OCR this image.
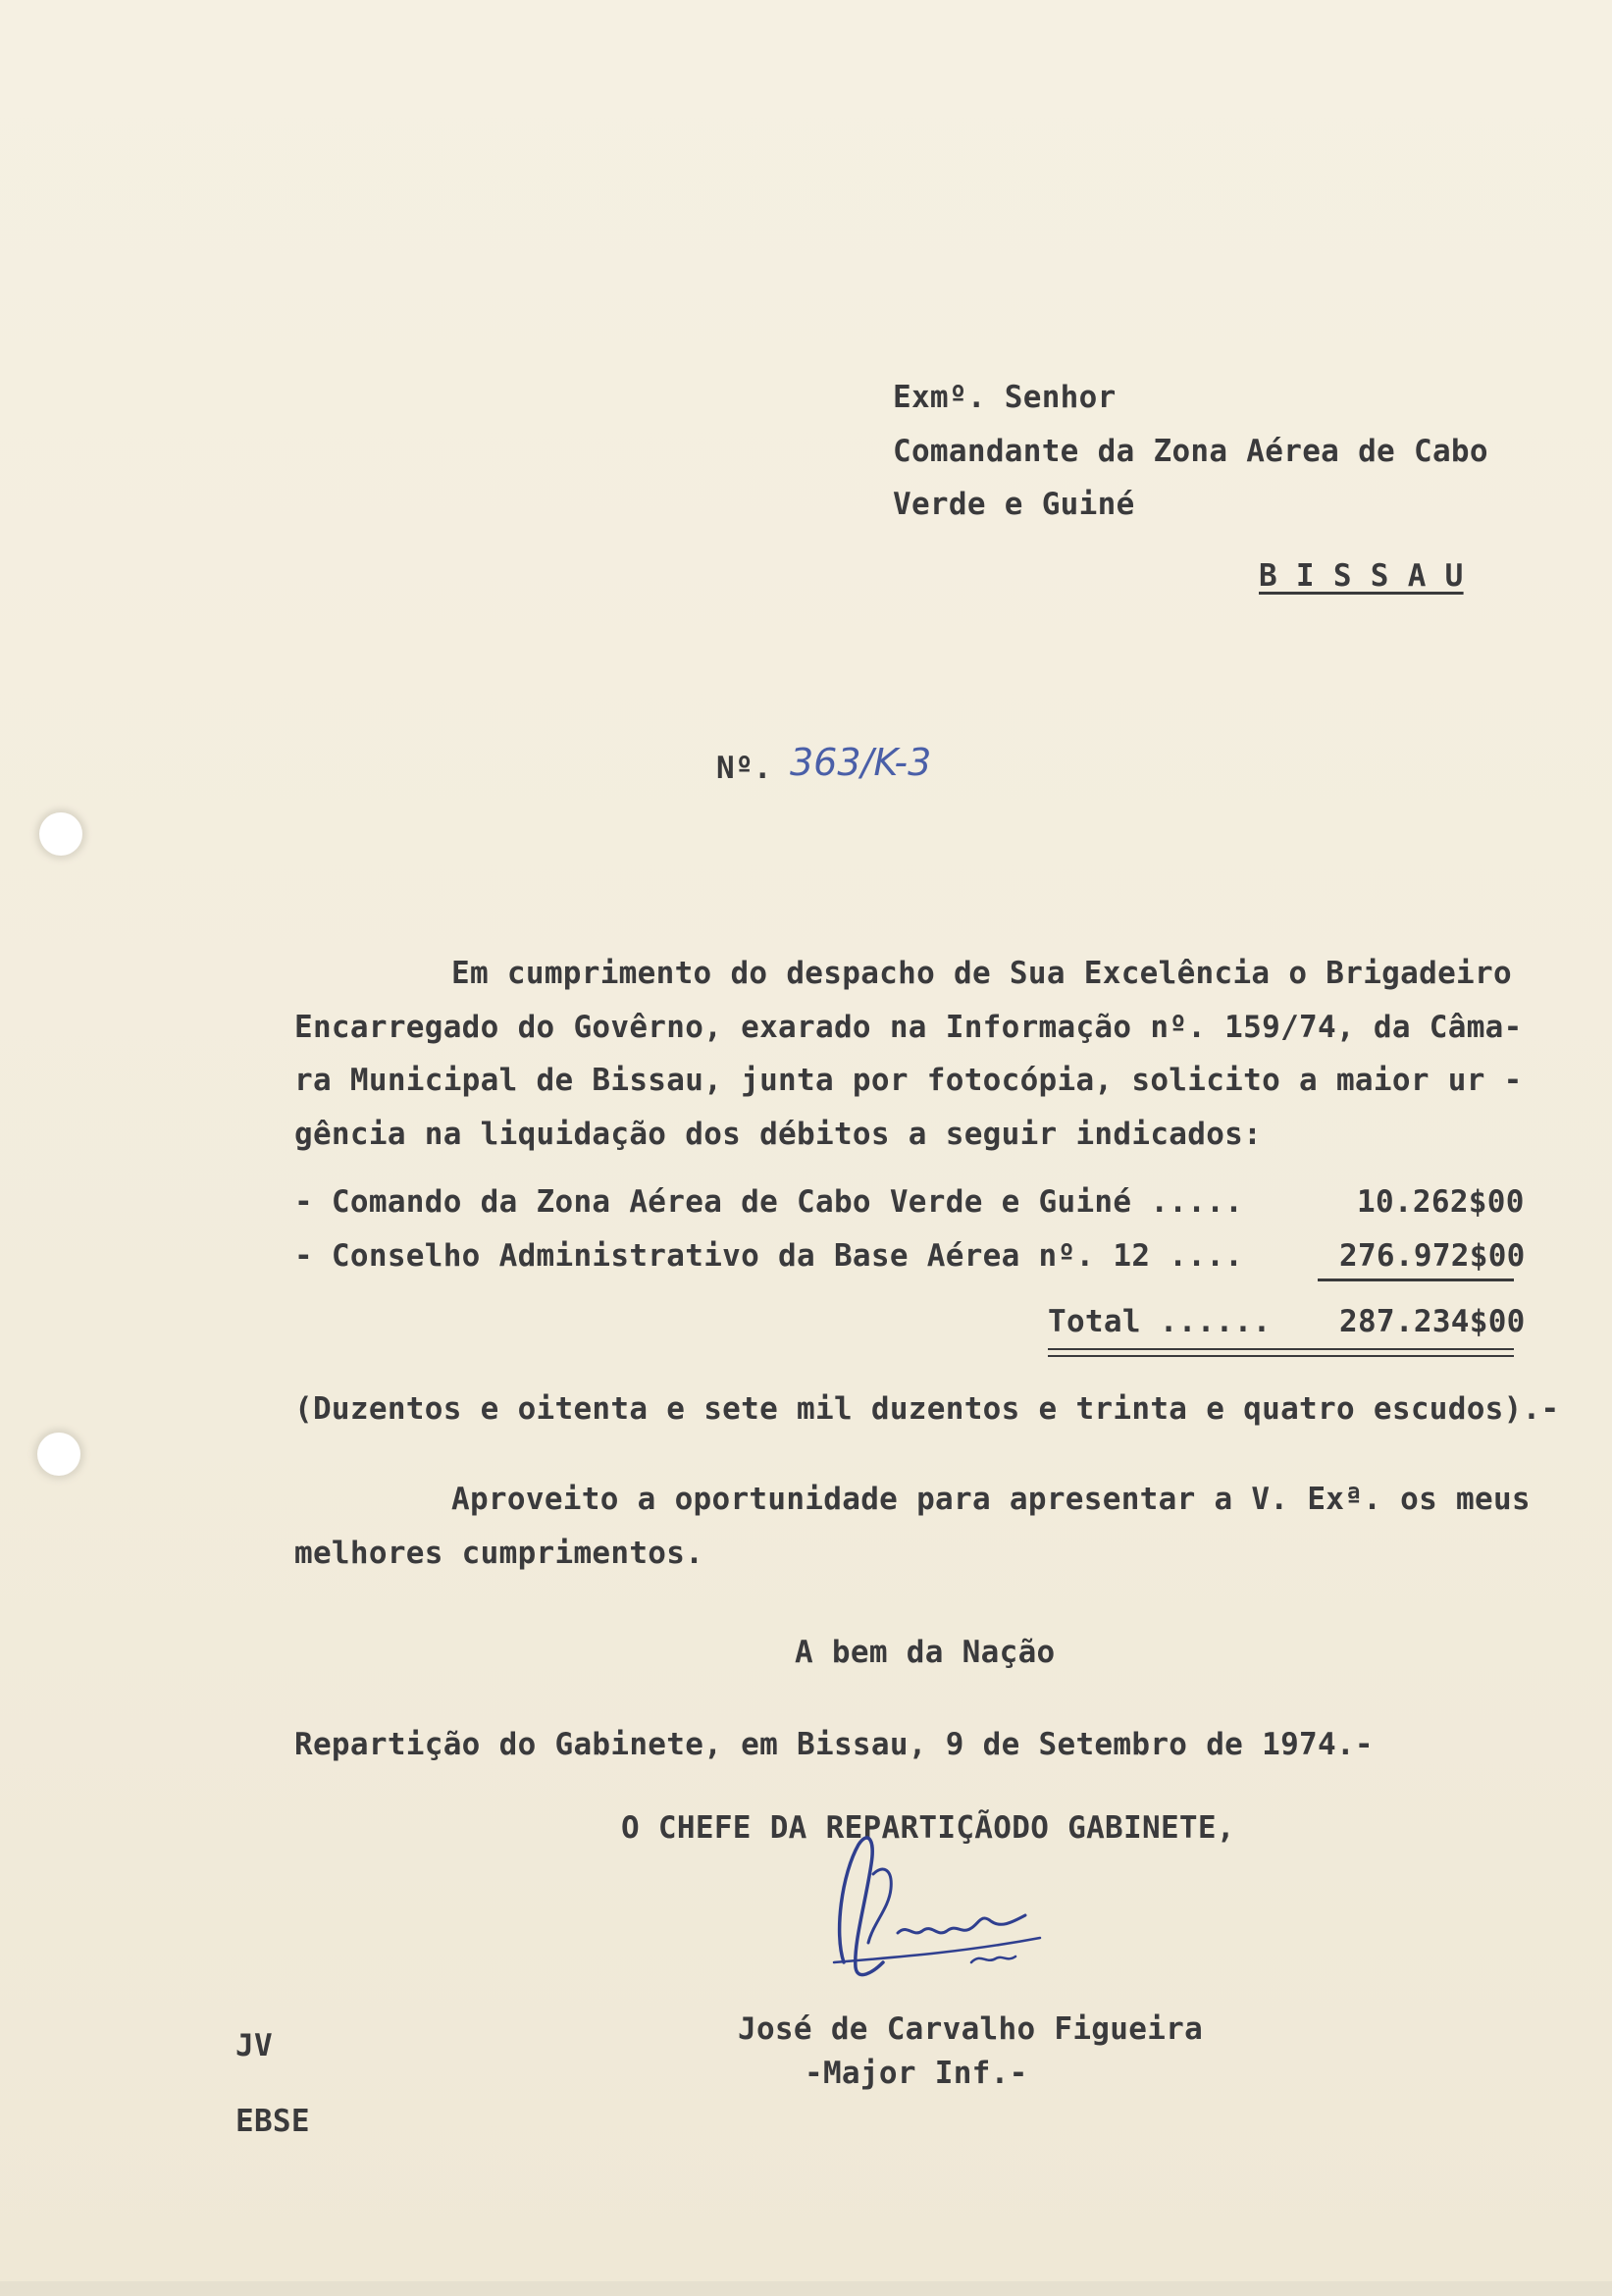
Exmº. Senhor
Comandante da Zona Aérea de Cabo
Verde e Guiné
B I S S A U
Nº. 363/K-3
Em cumprimento do despacho de Sua Excelência o Brigadeiro
Encarregado do Govêrno, exarado na Informação nº. 159/74, da Câma-
ra Municipal de Bissau, junta por fotocópia, solicito a maior ur -
gência na liquidação dos débitos a seguir indicados:
- Comando da Zona Aérea de Cabo Verde e Guiné .....	10.262$00
- Conselho Administrativo da Base Aérea nº. 12 ....	276.972$00
Total ...... 287.234$00
(Duzentos e oitenta e sete mil duzentos e trinta e quatro escudos).-
Aproveito a oportunidade para apresentar a V. Exª. os meus
melhores cumprimentos.
A bem da Nação
Repartição do Gabinete, em Bissau, 9 de Setembro de 1974.-
O CHEFE DA REPARTIÇÃODO GABINETE,
José de Carvalho Figueira
-Major Inf.-
JV
EBSE
